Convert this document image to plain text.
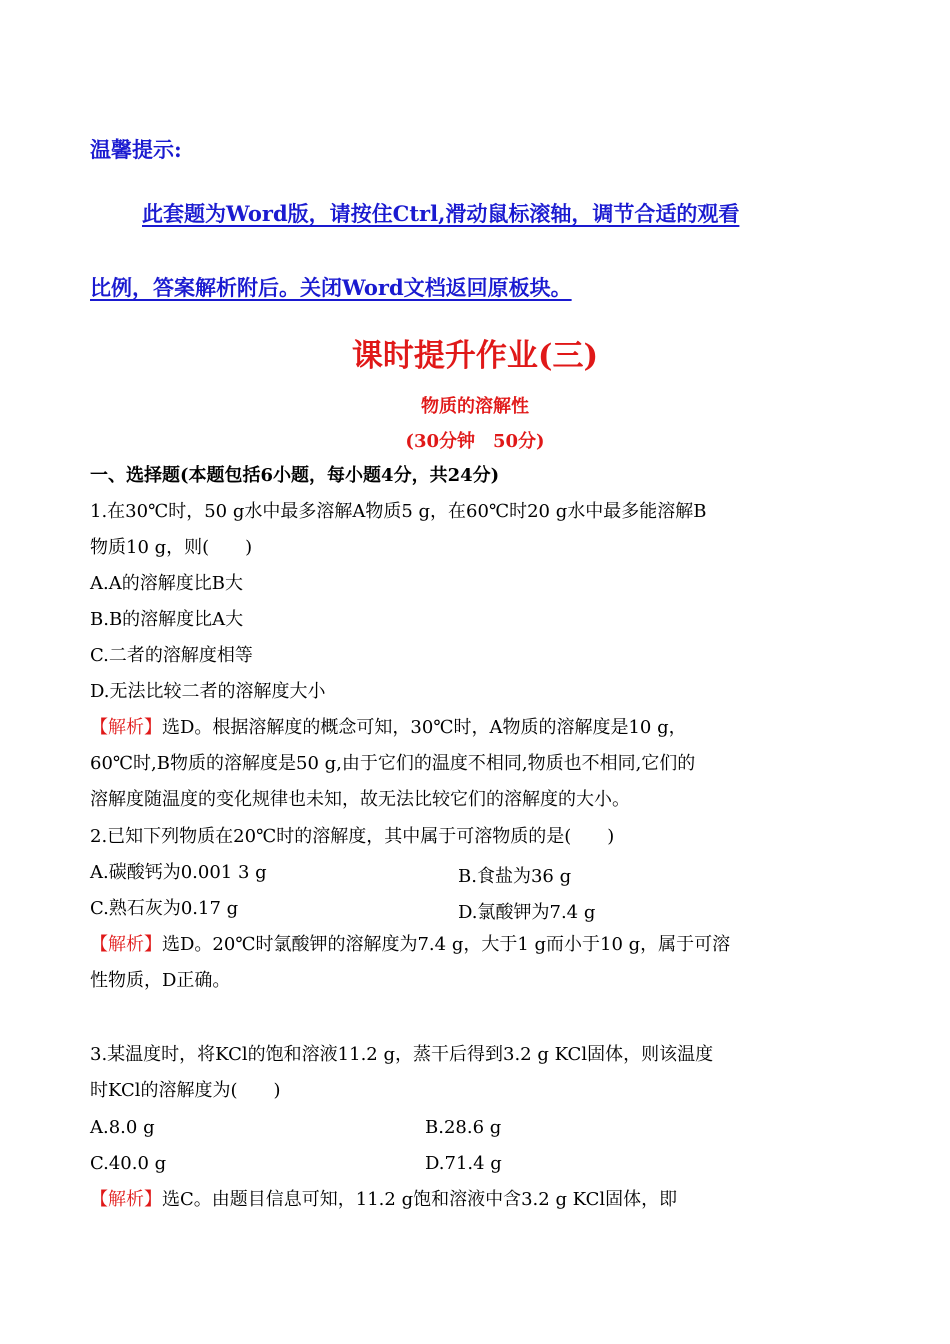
温馨提示:
此套题为Word版，请按住Ctrl,滑动鼠标滚轴，调节合适的观看
比例，答案解析附后。关闭Word文档返回原板块。
课时提升作业(三)
物质的溶解性
(30分钟　50分)
一、选择题(本题包括6小题，每小题4分，共24分)
1.在30℃时，50 g水中最多溶解A物质5 g，在60℃时20 g水中最多能溶解B
物质10 g，则(　　)
A.A的溶解度比B大
B.B的溶解度比A大
C.二者的溶解度相等
D.无法比较二者的溶解度大小
【解析】选D。根据溶解度的概念可知，30℃时，A物质的溶解度是10 g，
60℃时,B物质的溶解度是50 g,由于它们的温度不相同,物质也不相同,它们的
溶解度随温度的变化规律也未知，故无法比较它们的溶解度的大小。
2.已知下列物质在20℃时的溶解度，其中属于可溶物质的是(　　)
A.碳酸钙为0.001 3 g	B.食盐为36 g
C.熟石灰为0.17 g	D.氯酸钾为7.4 g
【解析】选D。20℃时氯酸钾的溶解度为7.4 g，大于1 g而小于10 g，属于可溶
性物质，D正确。
3.某温度时，将KCl的饱和溶液11.2 g，蒸干后得到3.2 g KCl固体，则该温度
时KCl的溶解度为(　　)
A.8.0 g	B.28.6 g
C.40.0 g	D.71.4 g
【解析】选C。由题目信息可知，11.2 g饱和溶液中含3.2 g KCl固体，即
